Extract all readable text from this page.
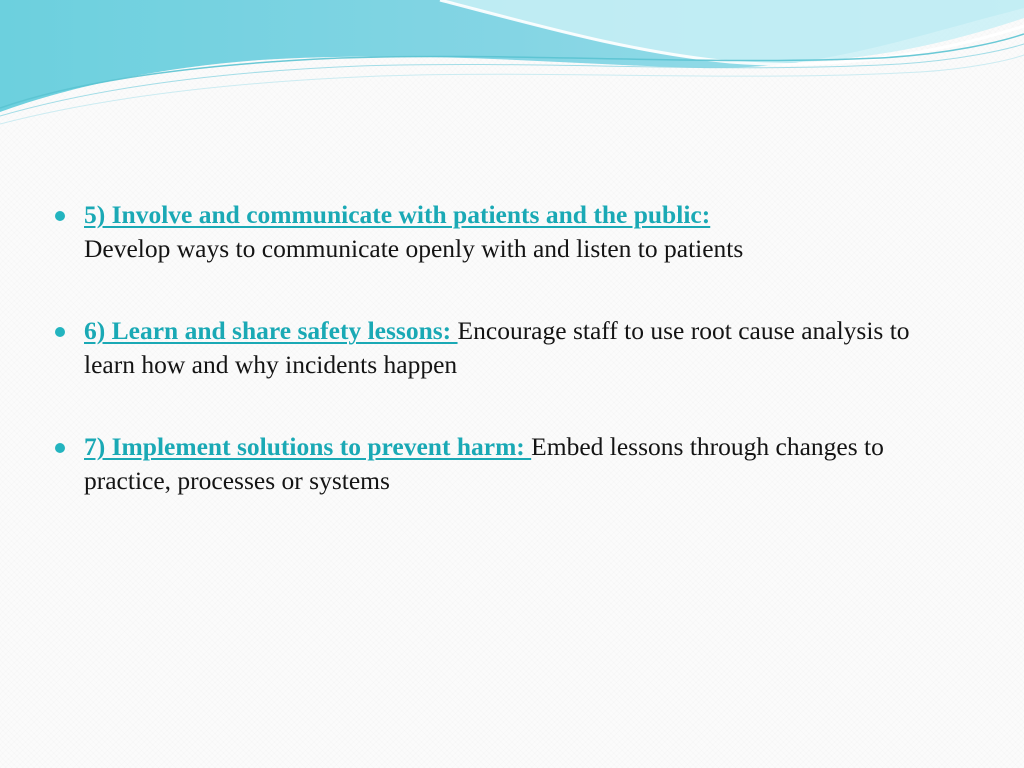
5) Involve and communicate with patients and the public:
Develop ways to communicate openly with and listen to patients
6) Learn and share safety lessons: Encourage staff to use root cause analysis to learn how and why incidents happen
7) Implement solutions to prevent harm: Embed lessons through changes to practice, processes or systems
